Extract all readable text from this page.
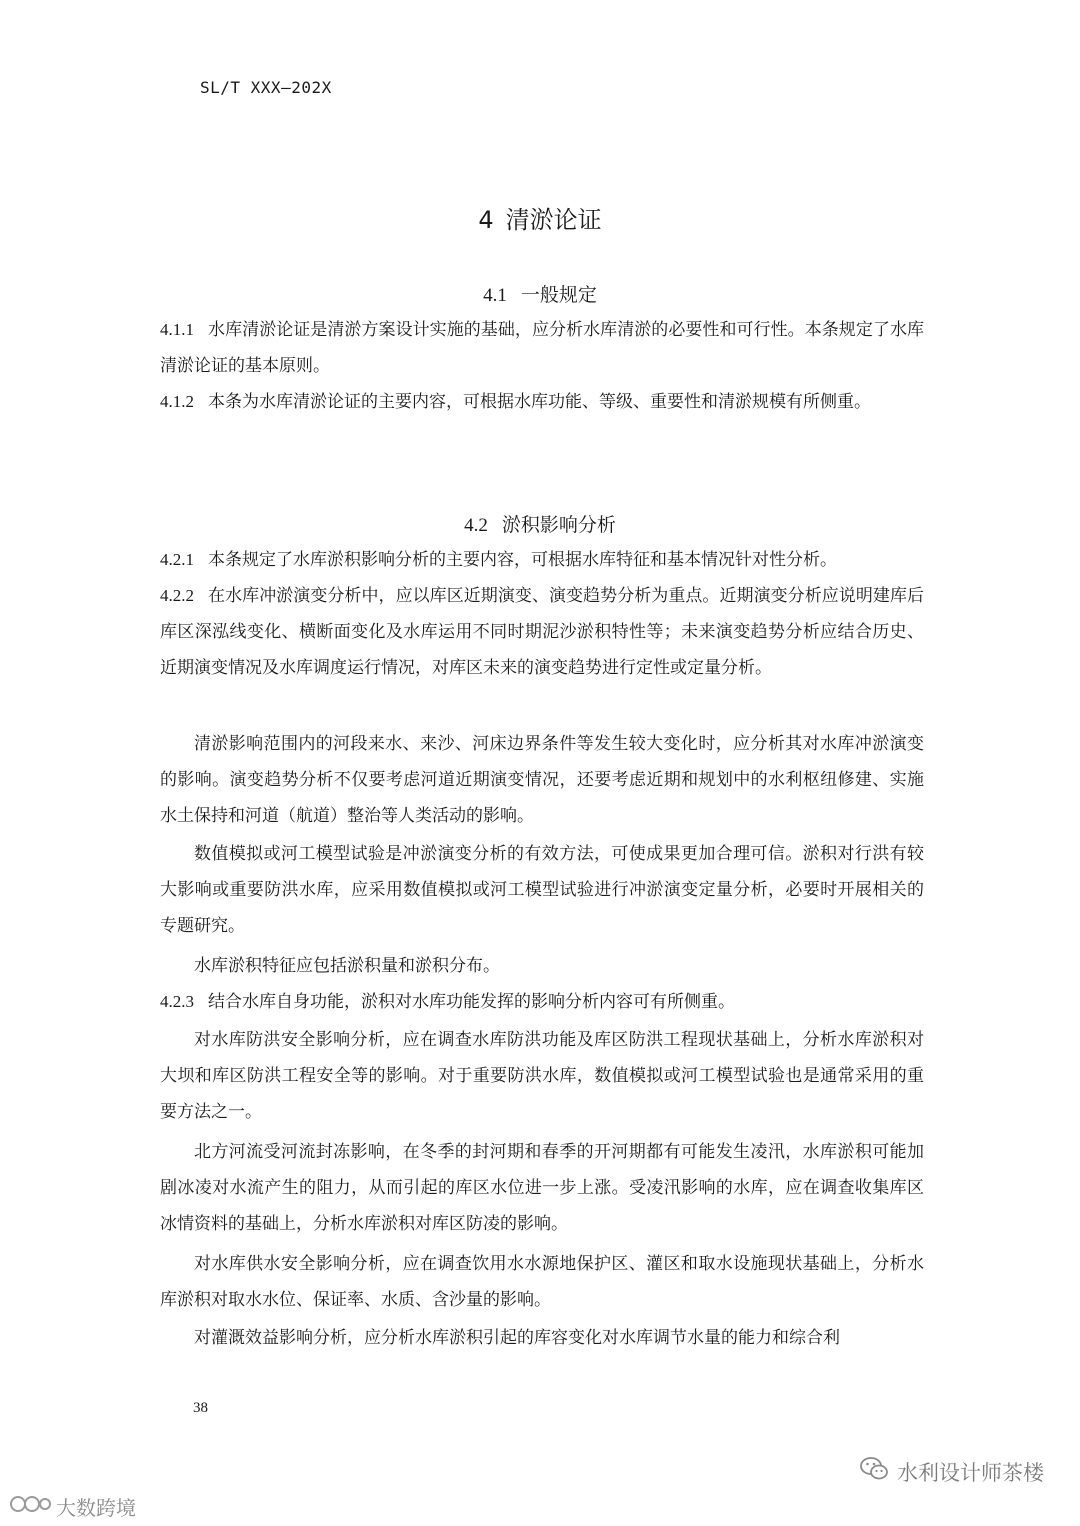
SL/T XXX—202X
4 清淤论证
4.1 一般规定

4.1.1 水库清淤论证是清淤方案设计实施的基础，应分析水库清淤的必要性和可行性。本条规定了水库清淤论证的基本原则。

4.1.2 本条为水库清淤论证的主要内容，可根据水库功能、等级、重要性和清淤规模有所侧重。

4.2 淤积影响分析

4.2.1 本条规定了水库淤积影响分析的主要内容，可根据水库特征和基本情况针对性分析。

4.2.2 在水库冲淤演变分析中，应以库区近期演变、演变趋势分析为重点。近期演变分析应说明建库后库区深泓线变化、横断面变化及水库运用不同时期泥沙淤积特性等；未来演变趋势分析应结合历史、近期演变情况及水库调度运行情况，对库区未来的演变趋势进行定性或定量分析。

清淤影响范围内的河段来水、来沙、河床边界条件等发生较大变化时，应分析其对水库冲淤演变的影响。演变趋势分析不仅要考虑河道近期演变情况，还要考虑近期和规划中的水利枢纽修建、实施水土保持和河道（航道）整治等人类活动的影响。

数值模拟或河工模型试验是冲淤演变分析的有效方法，可使成果更加合理可信。淤积对行洪有较大影响或重要防洪水库，应采用数值模拟或河工模型试验进行冲淤演变定量分析，必要时开展相关的专题研究。

水库淤积特征应包括淤积量和淤积分布。

4.2.3 结合水库自身功能，淤积对水库功能发挥的影响分析内容可有所侧重。

对水库防洪安全影响分析，应在调查水库防洪功能及库区防洪工程现状基础上，分析水库淤积对大坝和库区防洪工程安全等的影响。对于重要防洪水库，数值模拟或河工模型试验也是通常采用的重要方法之一。

北方河流受河流封冻影响，在冬季的封河期和春季的开河期都有可能发生凌汛，水库淤积可能加剧冰凌对水流产生的阻力，从而引起的库区水位进一步上涨。受凌汛影响的水库，应在调查收集库区冰情资料的基础上，分析水库淤积对库区防凌的影响。

对水库供水安全影响分析，应在调查饮用水水源地保护区、灌区和取水设施现状基础上，分析水库淤积对取水水位、保证率、水质、含沙量的影响。

对灌溉效益影响分析，应分析水库淤积引起的库容变化对水库调节水量的能力和综合利

38
水利设计师茶楼
大数跨境
